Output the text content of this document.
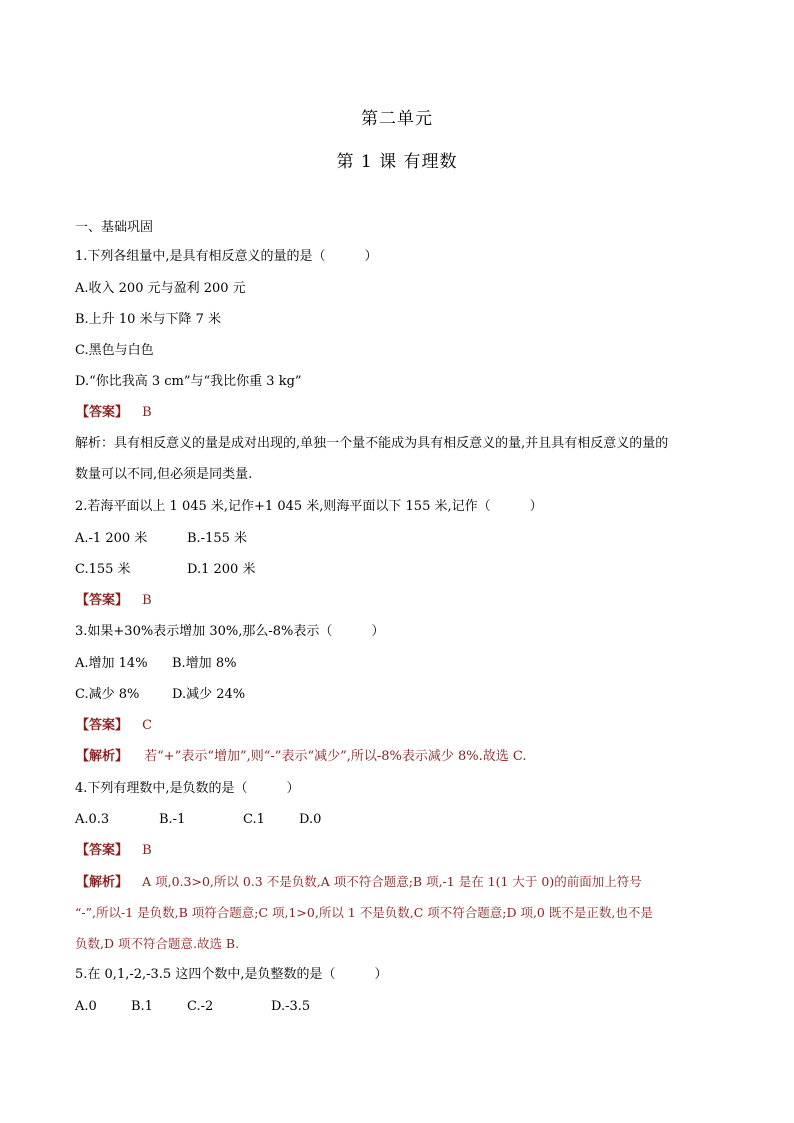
第二单元
第 1 课 有理数
一、基础巩固
1.下列各组量中,是具有相反意义的量的是（　　　）
A.收入 200 元与盈利 200 元
B.上升 10 米与下降 7 米
C.黑色与白色
D.“你比我高 3 cm”与“我比你重 3 kg”
【答案】 B
解析：具有相反意义的量是成对出现的,单独一个量不能成为具有相反意义的量,并且具有相反意义的量的
数量可以不同,但必须是同类量.
2.若海平面以上 1 045 米,记作+1 045 米,则海平面以下 155 米,记作（　　　）
A.-1 200 米	B.-155 米
C.155 米	D.1 200 米
【答案】 B
3.如果+30%表示增加 30%,那么-8%表示（　　　）
A.增加 14% B.增加 8%
C.减少 8%	D.减少 24%
【答案】 C
【解析】 若“+”表示“增加”,则“-”表示“减少”,所以-8%表示减少 8%.故选 C.
4.下列有理数中,是负数的是（　　　）
A.0.3	B.-1	C.1	D.0
【答案】 B
【解析】 A 项,0.3>0,所以 0.3 不是负数,A 项不符合题意;B 项,-1 是在 1(1 大于 0)的前面加上符号
“-”,所以-1 是负数,B 项符合题意;C 项,1>0,所以 1 不是负数,C 项不符合题意;D 项,0 既不是正数,也不是
负数,D 项不符合题意.故选 B.
5.在 0,1,-2,-3.5 这四个数中,是负整数的是（　　　）
A.0	B.1	C.-2	D.-3.5
